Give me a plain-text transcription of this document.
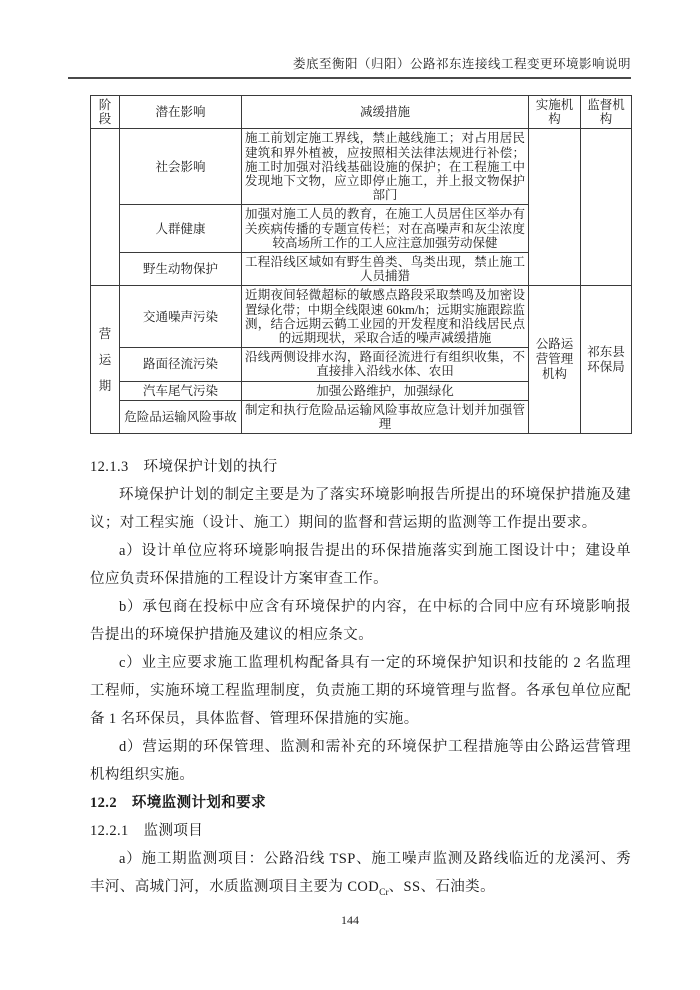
娄底至衡阳（归阳）公路祁东连接线工程变更环境影响说明
阶段	潜在影响	减缓措施	实施机构	监督机构
	社会影响	施工前划定施工界线，禁止越线施工；对占用居民建筑和界外植被，应按照相关法律法规进行补偿；施工时加强对沿线基础设施的保护；在工程施工中发现地下文物，应立即停止施工，并上报文物保护部门		
	人群健康	加强对施工人员的教育，在施工人员居住区举办有关疾病传播的专题宣传栏；对在高噪声和灰尘浓度较高场所工作的工人应注意加强劳动保健		
	野生动物保护	工程沿线区域如有野生兽类、鸟类出现，禁止施工人员捕猎		
营运期	交通噪声污染	近期夜间轻微超标的敏感点路段采取禁鸣及加密设置绿化带；中期全线限速 60km/h；远期实施跟踪监测，结合远期云鹤工业园的开发程度和沿线居民点的远期现状，采取合适的噪声减缓措施	公路运营管理机构	祁东县环保局
	路面径流污染	沿线两侧设排水沟，路面径流进行有组织收集，不直接排入沿线水体、农田		
	汽车尾气污染	加强公路维护，加强绿化		
	危险品运输风险事故	制定和执行危险品运输风险事故应急计划并加强管理		
12.1.3　环境保护计划的执行

环境保护计划的制定主要是为了落实环境影响报告所提出的环境保护措施及建议；对工程实施（设计、施工）期间的监督和营运期的监测等工作提出要求。

a）设计单位应将环境影响报告提出的环保措施落实到施工图设计中；建设单位应负责环保措施的工程设计方案审查工作。

b）承包商在投标中应含有环境保护的内容，在中标的合同中应有环境影响报告提出的环境保护措施及建议的相应条文。

c）业主应要求施工监理机构配备具有一定的环境保护知识和技能的 2 名监理工程师，实施环境工程监理制度，负责施工期的环境管理与监督。各承包单位应配备 1 名环保员，具体监督、管理环保措施的实施。

d）营运期的环保管理、监测和需补充的环境保护工程措施等由公路运营管理机构组织实施。

12.2　环境监测计划和要求
12.2.1　监测项目

a）施工期监测项目：公路沿线 TSP、施工噪声监测及路线临近的龙溪河、秀丰河、高城门河，水质监测项目主要为 $COD_{Cr}$、SS、石油类。

144
